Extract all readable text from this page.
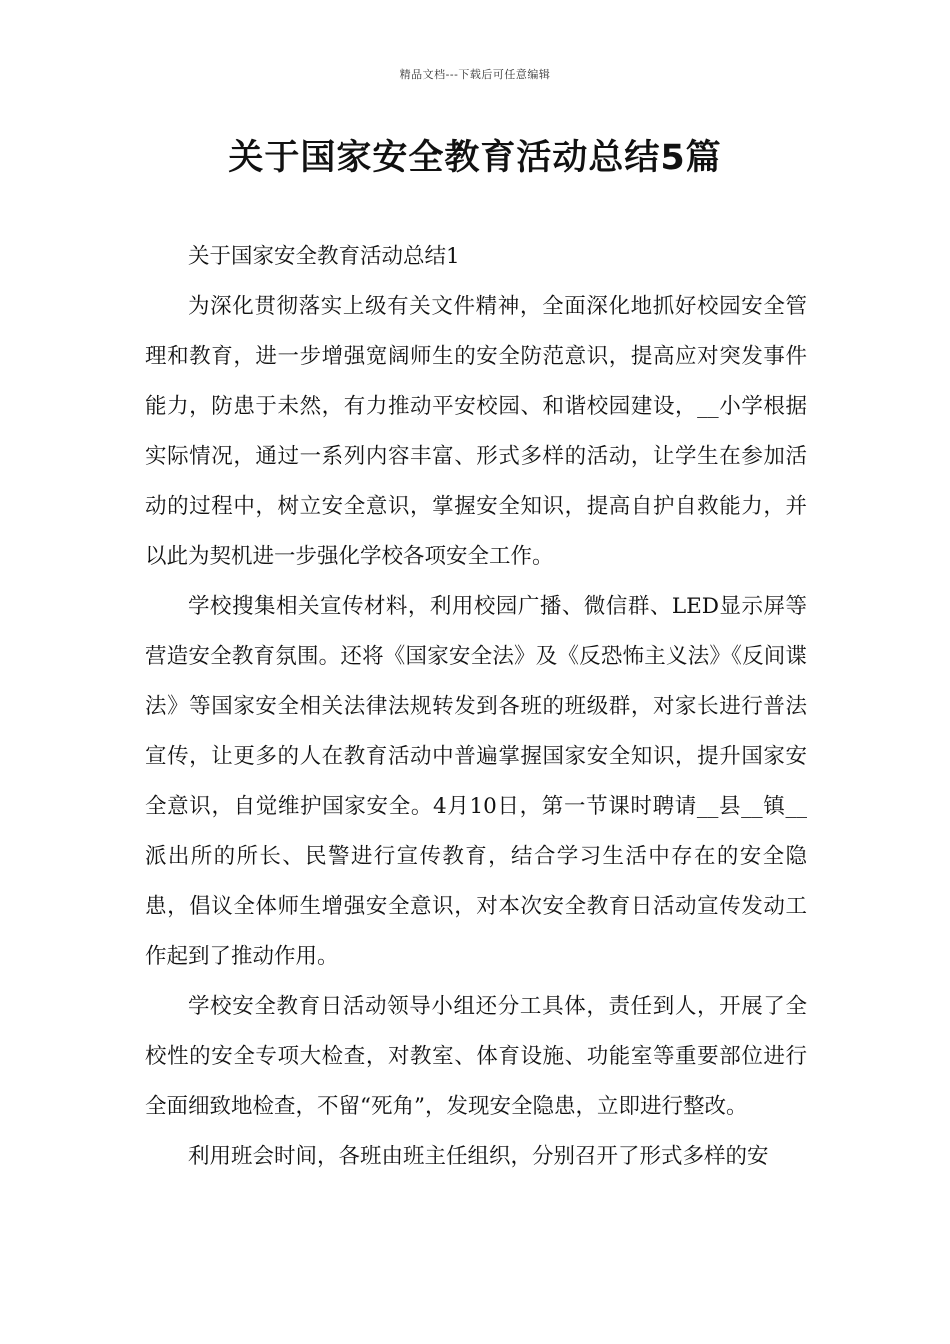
精品文档---下载后可任意编辑
关于国家安全教育活动总结5篇

关于国家安全教育活动总结1

为深化贯彻落实上级有关文件精神，全面深化地抓好校园安全管理和教育，进一步增强宽阔师生的安全防范意识，提高应对突发事件能力，防患于未然，有力推动平安校园、和谐校园建设，__小学根据实际情况，通过一系列内容丰富、形式多样的活动，让学生在参加活动的过程中，树立安全意识，掌握安全知识，提高自护自救能力，并以此为契机进一步强化学校各项安全工作。

学校搜集相关宣传材料，利用校园广播、微信群、LED显示屏等营造安全教育氛围。还将《国家安全法》及《反恐怖主义法》《反间谍法》等国家安全相关法律法规转发到各班的班级群，对家长进行普法宣传，让更多的人在教育活动中普遍掌握国家安全知识，提升国家安全意识，自觉维护国家安全。4月10日，第一节课时聘请__县__镇__派出所的所长、民警进行宣传教育，结合学习生活中存在的安全隐患，倡议全体师生增强安全意识，对本次安全教育日活动宣传发动工作起到了推动作用。

学校安全教育日活动领导小组还分工具体，责任到人，开展了全校性的安全专项大检查，对教室、体育设施、功能室等重要部位进行全面细致地检查，不留“死角”，发现安全隐患，立即进行整改。

利用班会时间，各班由班主任组织，分别召开了形式多样的安
